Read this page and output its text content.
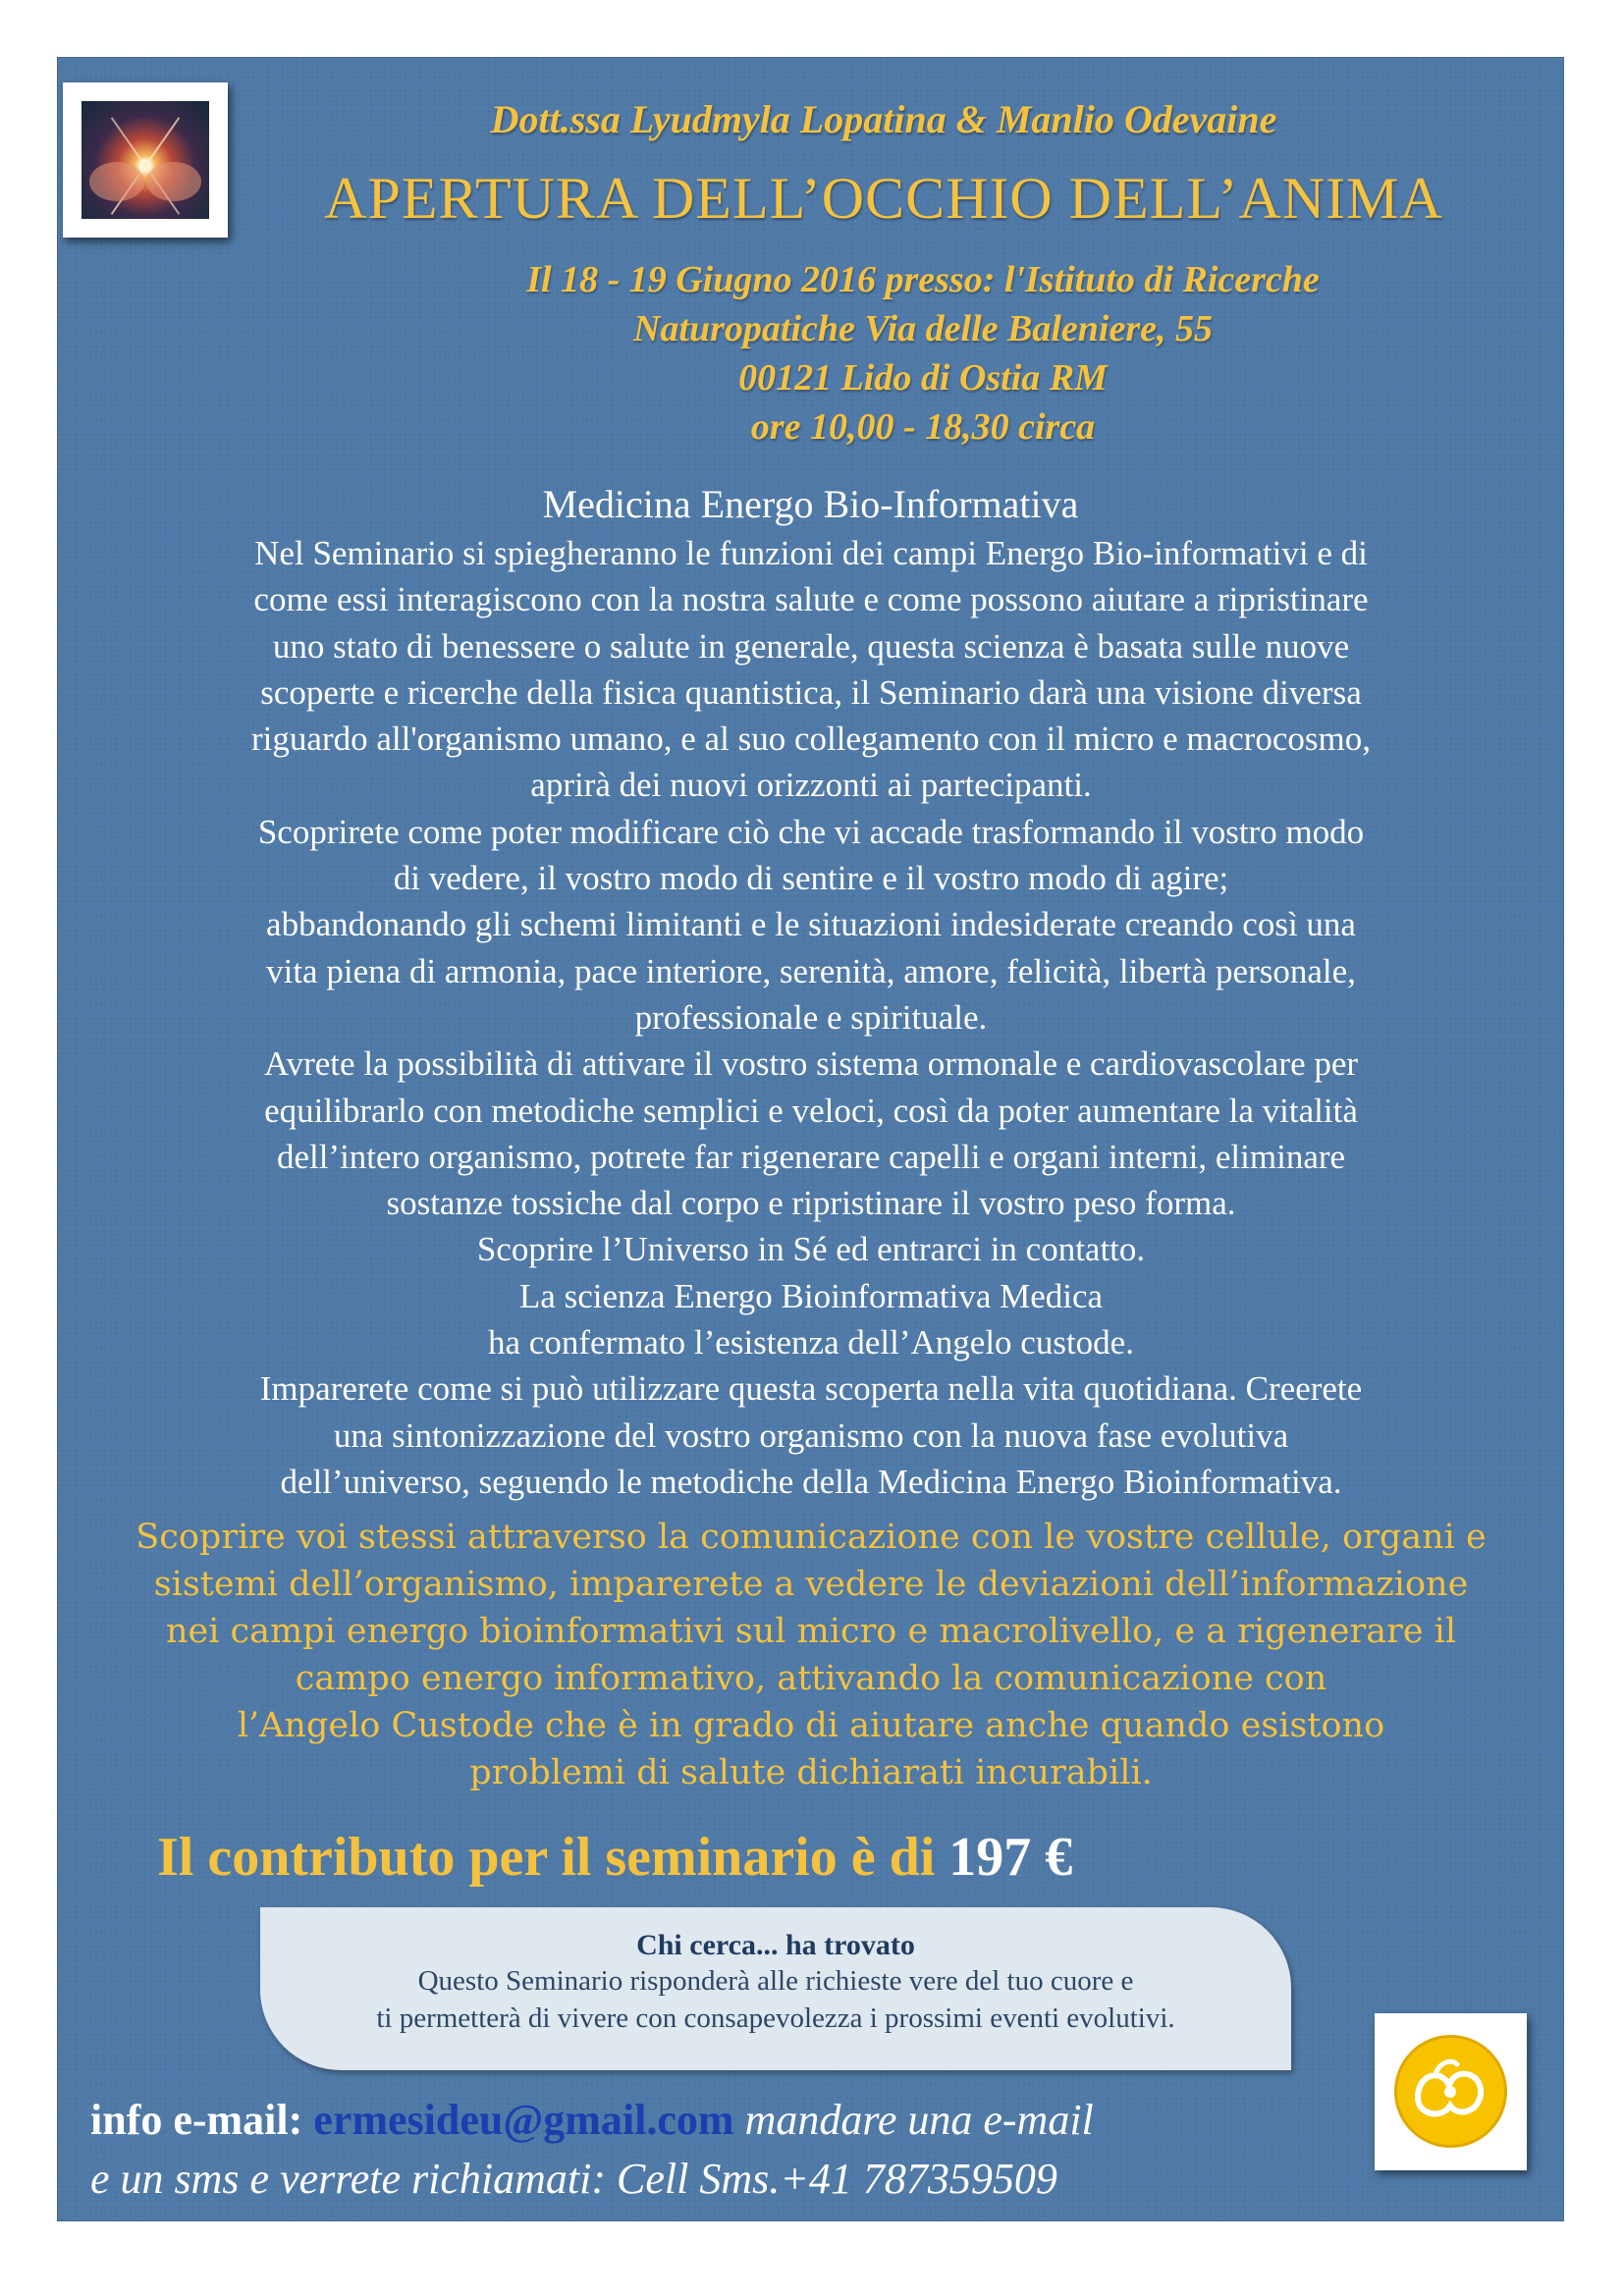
Dott.ssa Lyudmyla Lopatina & Manlio Odevaine
APERTURA DELL’OCCHIO DELL’ANIMA
Il 18 - 19 Giugno 2016 presso: l'Istituto di Ricerche
Naturopatiche Via delle Baleniere, 55
00121 Lido di Ostia RM
ore 10,00 - 18,30 circa
Medicina Energo Bio-Informativa
Nel Seminario si spiegheranno le funzioni dei campi Energo Bio-informativi e di
come essi interagiscono con la nostra salute e come possono aiutare a ripristinare
uno stato di benessere o salute in generale, questa scienza è basata sulle nuove
scoperte e ricerche della fisica quantistica, il Seminario darà una visione diversa
riguardo all'organismo umano, e al suo collegamento con il micro e macrocosmo,
aprirà dei nuovi orizzonti ai partecipanti.
Scoprirete come poter modificare ciò che vi accade trasformando il vostro modo
di vedere, il vostro modo di sentire e il vostro modo di agire;
abbandonando gli schemi limitanti e le situazioni indesiderate creando così una
vita piena di armonia, pace interiore, serenità, amore, felicità, libertà personale,
professionale e spirituale.
Avrete la possibilità di attivare il vostro sistema ormonale e cardiovascolare per
equilibrarlo con metodiche semplici e veloci, così da poter aumentare la vitalità
dell’intero organismo, potrete far rigenerare capelli e organi interni, eliminare
sostanze tossiche dal corpo e ripristinare il vostro peso forma.
Scoprire l’Universo in Sé ed entrarci in contatto.
La scienza Energo Bioinformativa Medica
ha confermato l’esistenza dell’Angelo custode.
Imparerete come si può utilizzare questa scoperta nella vita quotidiana. Creerete
una sintonizzazione del vostro organismo con la nuova fase evolutiva
dell’universo, seguendo le metodiche della Medicina Energo Bioinformativa.
Scoprire voi stessi attraverso la comunicazione con le vostre cellule, organi e
sistemi dell’organismo, imparerete a vedere le deviazioni dell’informazione
nei campi energo bioinformativi sul micro e macrolivello, e a rigenerare il
campo energo informativo, attivando la comunicazione con
l’Angelo Custode che è in grado di aiutare anche quando esistono
problemi di salute dichiarati incurabili.
Il contributo per il seminario è di 197 €
Chi cerca... ha trovato
Questo Seminario risponderà alle richieste vere del tuo cuore e
ti permetterà di vivere con consapevolezza i prossimi eventi evolutivi.
info e-mail: ermesideu@gmail.com mandare una e-mail
e un sms e verrete richiamati: Cell Sms.+41 787359509
